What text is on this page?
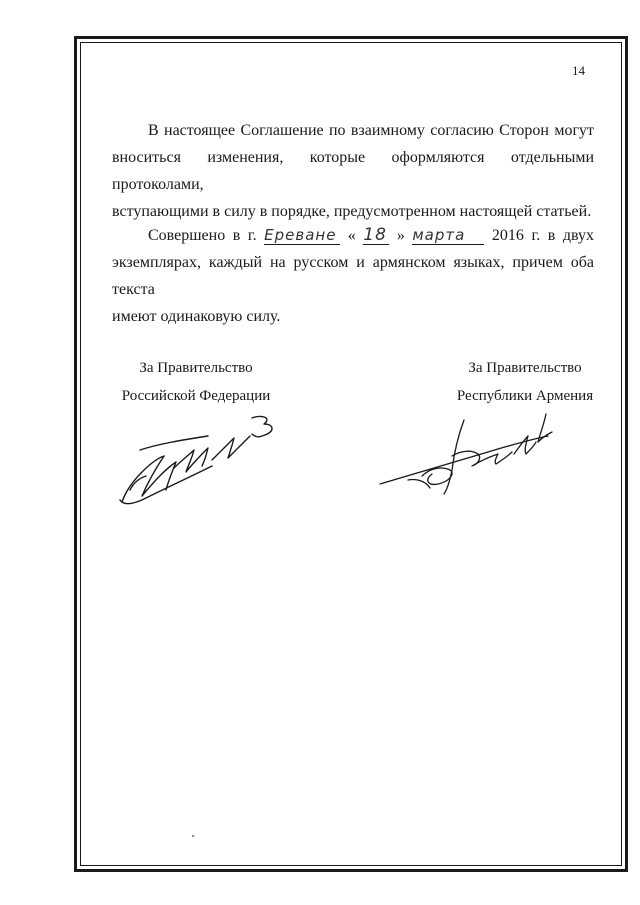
14
В настоящее Соглашение по взаимному согласию Сторон могут
вноситься изменения, которые оформляются отдельными протоколами,
вступающими в силу в порядке, предусмотренном настоящей статьей.
Совершено в г. Ереване « 18 » марта 2016 г. в двух
экземплярах, каждый на русском и армянском языках, причем оба текста
имеют одинаковую силу.
За Правительство
Российской Федерации
За Правительство
Республики Армения
